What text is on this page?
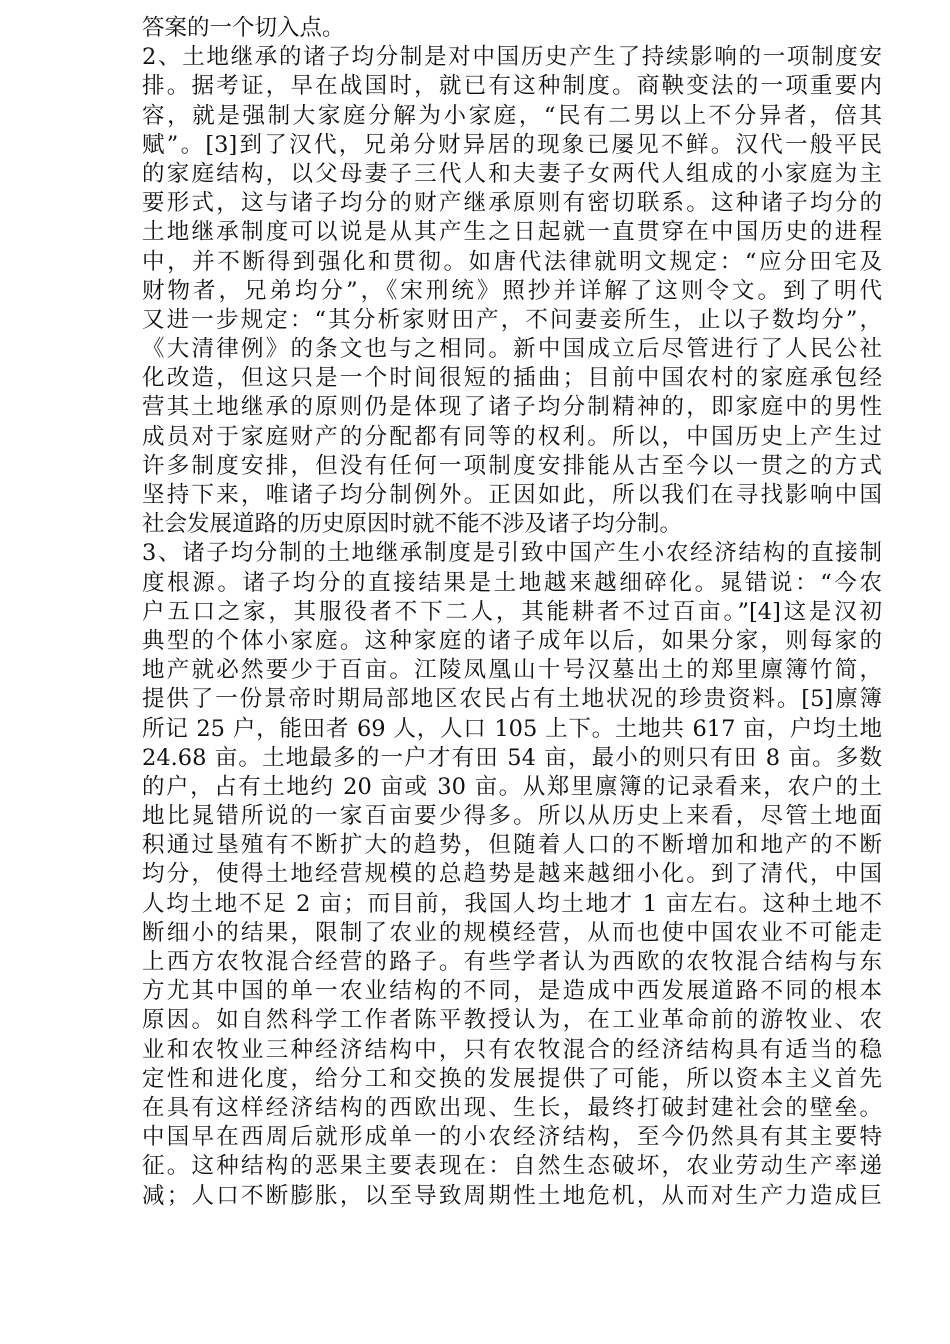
答案的一个切入点。
2、土地继承的诸子均分制是对中国历史产生了持续影响的一项制度安
排。据考证，早在战国时，就已有这种制度。商鞅变法的一项重要内
容，就是强制大家庭分解为小家庭，“民有二男以上不分异者，倍其
赋”。[3]到了汉代，兄弟分财异居的现象已屡见不鲜。汉代一般平民
的家庭结构，以父母妻子三代人和夫妻子女两代人组成的小家庭为主
要形式，这与诸子均分的财产继承原则有密切联系。这种诸子均分的
土地继承制度可以说是从其产生之日起就一直贯穿在中国历史的进程
中，并不断得到强化和贯彻。如唐代法律就明文规定：“应分田宅及
财物者，兄弟均分”，《宋刑统》照抄并详解了这则令文。到了明代
又进一步规定：“其分析家财田产，不问妻妾所生，止以子数均分”，
《大清律例》的条文也与之相同。新中国成立后尽管进行了人民公社
化改造，但这只是一个时间很短的插曲；目前中国农村的家庭承包经
营其土地继承的原则仍是体现了诸子均分制精神的，即家庭中的男性
成员对于家庭财产的分配都有同等的权利。所以，中国历史上产生过
许多制度安排，但没有任何一项制度安排能从古至今以一贯之的方式
坚持下来，唯诸子均分制例外。正因如此，所以我们在寻找影响中国
社会发展道路的历史原因时就不能不涉及诸子均分制。
3、诸子均分制的土地继承制度是引致中国产生小农经济结构的直接制
度根源。诸子均分的直接结果是土地越来越细碎化。晁错说：“今农
户五口之家，其服役者不下二人，其能耕者不过百亩。”[4]这是汉初
典型的个体小家庭。这种家庭的诸子成年以后，如果分家，则每家的
地产就必然要少于百亩。江陵凤凰山十号汉墓出土的郑里廪簿竹简，
提供了一份景帝时期局部地区农民占有土地状况的珍贵资料。[5]廪簿
所记 25 户，能田者 69 人，人口 105 上下。土地共 617 亩，户均土地
24.68 亩。土地最多的一户才有田 54 亩，最小的则只有田 8 亩。多数
的户，占有土地约 20 亩或 30 亩。从郑里廪簿的记录看来，农户的土
地比晁错所说的一家百亩要少得多。所以从历史上来看，尽管土地面
积通过垦殖有不断扩大的趋势，但随着人口的不断增加和地产的不断
均分，使得土地经营规模的总趋势是越来越细小化。到了清代，中国
人均土地不足 2 亩；而目前，我国人均土地才 1 亩左右。这种土地不
断细小的结果，限制了农业的规模经营，从而也使中国农业不可能走
上西方农牧混合经营的路子。有些学者认为西欧的农牧混合结构与东
方尤其中国的单一农业结构的不同，是造成中西发展道路不同的根本
原因。如自然科学工作者陈平教授认为，在工业革命前的游牧业、农
业和农牧业三种经济结构中，只有农牧混合的经济结构具有适当的稳
定性和进化度，给分工和交换的发展提供了可能，所以资本主义首先
在具有这样经济结构的西欧出现、生长，最终打破封建社会的壁垒。
中国早在西周后就形成单一的小农经济结构，至今仍然具有其主要特
征。这种结构的恶果主要表现在：自然生态破坏，农业劳动生产率递
减；人口不断膨胀，以至导致周期性土地危机，从而对生产力造成巨
